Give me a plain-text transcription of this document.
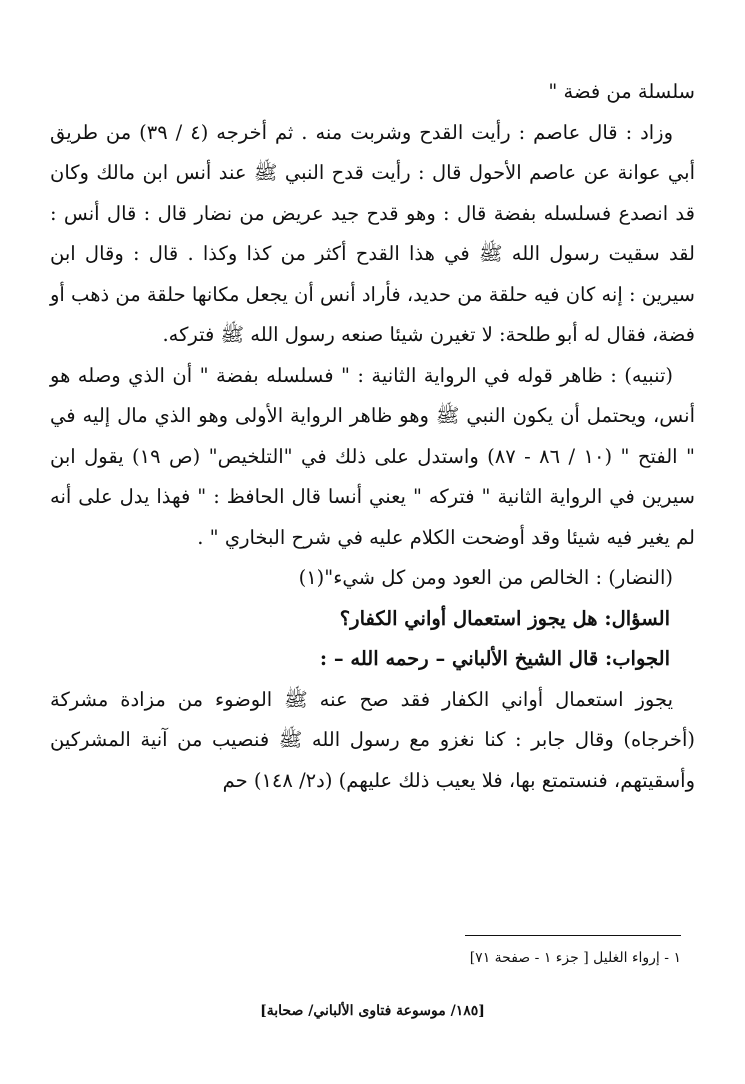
سلسلة من فضة "

وزاد : قال عاصم : رأيت القدح وشربت منه . ثم أخرجه (٤ / ٣٩) من طريق أبي عوانة عن عاصم الأحول قال : رأيت قدح النبي ﷺ عند أنس ابن مالك وكان قد انصدع فسلسله بفضة قال : وهو قدح جيد عريض من نضار قال : قال أنس : لقد سقيت رسول الله ﷺ في هذا القدح أكثر من كذا وكذا . قال : وقال ابن سيرين : إنه كان فيه حلقة من حديد، فأراد أنس أن يجعل مكانها حلقة من ذهب أو فضة، فقال له أبو طلحة: لا تغيرن شيئا صنعه رسول الله ﷺ فتركه.

(تنبيه) : ظاهر قوله في الرواية الثانية : " فسلسله بفضة " أن الذي وصله هو أنس، ويحتمل أن يكون النبي ﷺ وهو ظاهر الرواية الأولى وهو الذي مال إليه في " الفتح " (١٠ / ٨٦ - ٨٧) واستدل على ذلك في "التلخيص" (ص ١٩) يقول ابن سيرين في الرواية الثانية " فتركه " يعني أنسا قال الحافظ : " فهذا يدل على أنه لم يغير فيه شيئا وقد أوضحت الكلام عليه في شرح البخاري " .

(النضار) : الخالص من العود ومن كل شيء"(١)

السؤال: هل يجوز استعمال أواني الكفار؟

الجواب: قال الشيخ الألباني – رحمه الله – :

يجوز استعمال أواني الكفار فقد صح عنه ﷺ الوضوء من مزادة مشركة (أخرجاه) وقال جابر : كنا نغزو مع رسول الله ﷺ فنصيب من آنية المشركين وأسقيتهم، فنستمتع بها، فلا يعيب ذلك عليهم) (د٢/ ١٤٨) حم

١ - إرواء الغليل [ جزء ١ - صفحة ٧١]
[١٨٥/ موسوعة فتاوى الألباني/ صحابة]
